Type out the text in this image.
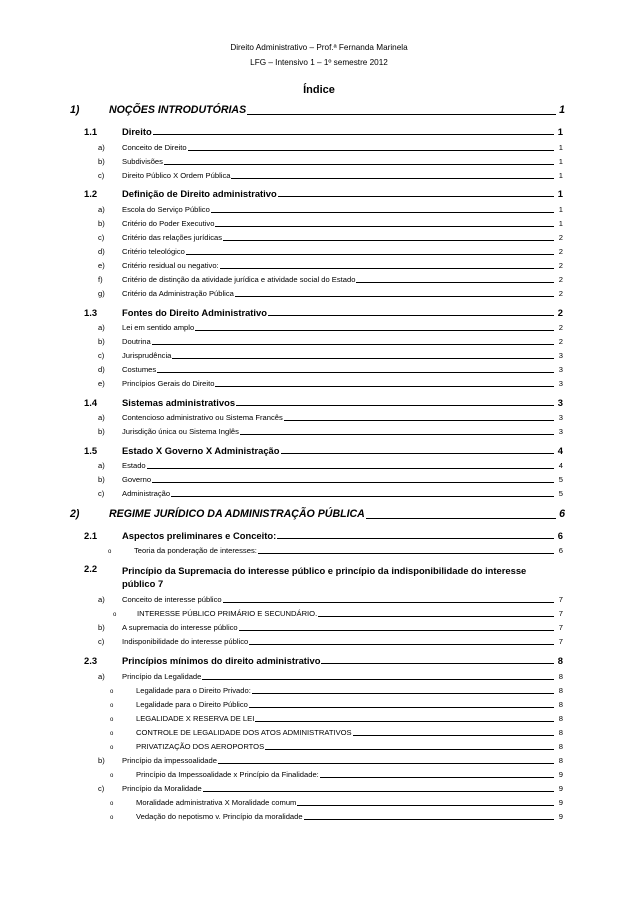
Direito Administrativo – Prof.ª Fernanda Marinela
LFG – Intensivo 1 – 1º semestre 2012
Índice
1)	NOÇÕES INTRODUTÓRIAS	1
1.1	Direito	1
a)	Conceito de Direito	1
b)	Subdivisões	1
c)	Direito Público X Ordem Pública	1
1.2	Definição de Direito administrativo	1
a)	Escola do Serviço Público	1
b)	Critério do Poder Executivo	1
c)	Critério das relações jurídicas	2
d)	Critério teleológico	2
e)	Critério residual ou negativo:	2
f)	Critério de distinção da atividade jurídica e atividade social do Estado	2
g)	Critério da Administração Pública	2
1.3	Fontes do Direito Administrativo	2
a)	Lei em sentido amplo	2
b)	Doutrina	2
c)	Jurisprudência	3
d)	Costumes	3
e)	Princípios Gerais do Direito	3
1.4	Sistemas administrativos	3
a)	Contencioso administrativo ou Sistema Francês	3
b)	Jurisdição única ou Sistema Inglês	3
1.5	Estado X Governo X Administração	4
a)	Estado	4
b)	Governo	5
c)	Administração	5
2)	REGIME JURÍDICO DA ADMINISTRAÇÃO PÚBLICA	6
2.1	Aspectos preliminares e Conceito:	6
o	Teoria da ponderação de interesses:	6
2.2	Princípio da Supremacia do interesse público e princípio da indisponibilidade do interesse público 7
a)	Conceito de interesse público	7
o	INTERESSE PÚBLICO PRIMÁRIO E SECUNDÁRIO.	7
b)	A supremacia do interesse público	7
c)	Indisponibilidade do interesse público	7
2.3	Princípios mínimos do direito administrativo	8
a)	Princípio da Legalidade	8
o	Legalidade para o Direito Privado:	8
o	Legalidade para o Direito Público	8
o	LEGALIDADE X RESERVA DE LEI	8
o	CONTROLE DE LEGALIDADE DOS ATOS ADMINISTRATIVOS	8
o	PRIVATIZAÇÃO DOS AEROPORTOS	8
b)	Princípio da impessoalidade	8
o	Princípio da Impessoalidade x Princípio da Finalidade:	9
c)	Princípio da Moralidade	9
o	Moralidade administrativa X Moralidade comum	9
o	Vedação do nepotismo v. Princípio da moralidade	9
